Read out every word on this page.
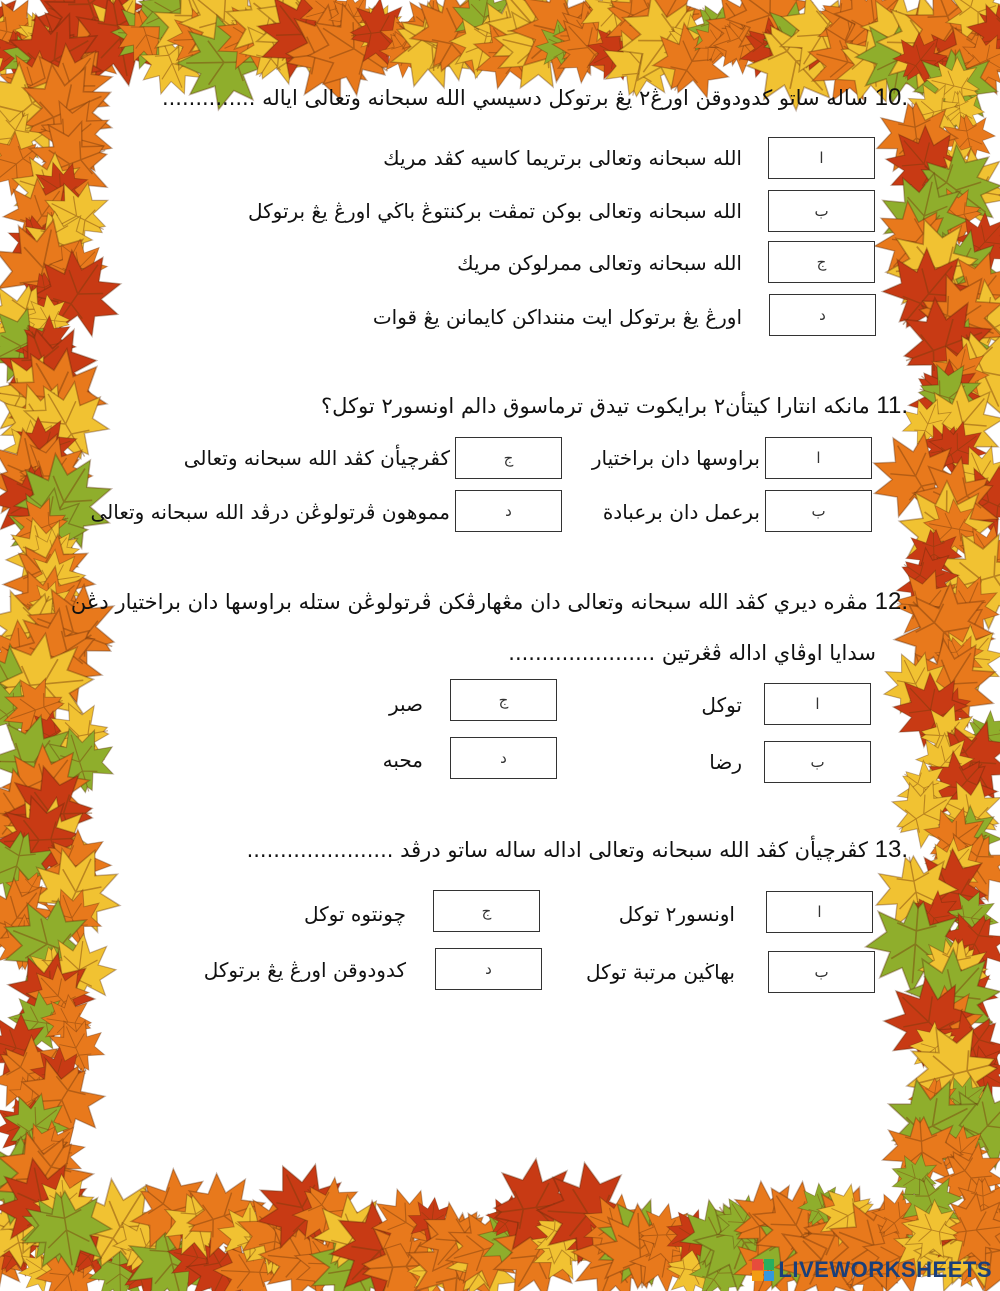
10. ساله ساتو كدودوقن اورڠ٢ يڠ برتوكل دسيسي الله سبحانه وتعالى اياله ..............
ا
الله سبحانه وتعالى برتريما كاسيه كڤد مريك
ب
الله سبحانه وتعالى بوكن تمڤت بركنتوڠ باڬي اورڠ يڠ برتوكل
ج
الله سبحانه وتعالى ممرلوكن مريك
د
اورڠ يڠ برتوكل ايت مننداكن كايمانن يڠ قوات
11. مانكه انتارا كيتأن٢ برايكوت تيدق ترماسوق دالم اونسور٢ توكل؟
ا
براوسها دان براختيار
ب
برعمل دان برعبادة
ج
كڤرچيأن كڤد الله سبحانه وتعالى
د
مموهون ڤرتولوڠن درڤد الله سبحانه وتعالى
12. مڤره ديري كڤد الله سبحانه وتعالى دان مڠهارڤكن ڤرتولوڠن ستله براوسها دان براختيار دڠن
سدايا اوڤاي اداله ڤڠرتين ......................
ا
توكل
ب
رضا
ج
صبر
د
محبه
13. كڤرچيأن كڤد الله سبحانه وتعالى اداله ساله ساتو درڤد ......................
ا
اونسور٢ توكل
ب
بهاڬين مرتبة توكل
ج
چونتوه توكل
د
كدودوقن اورڠ يڠ برتوكل
LIVEWORKSHEETS
